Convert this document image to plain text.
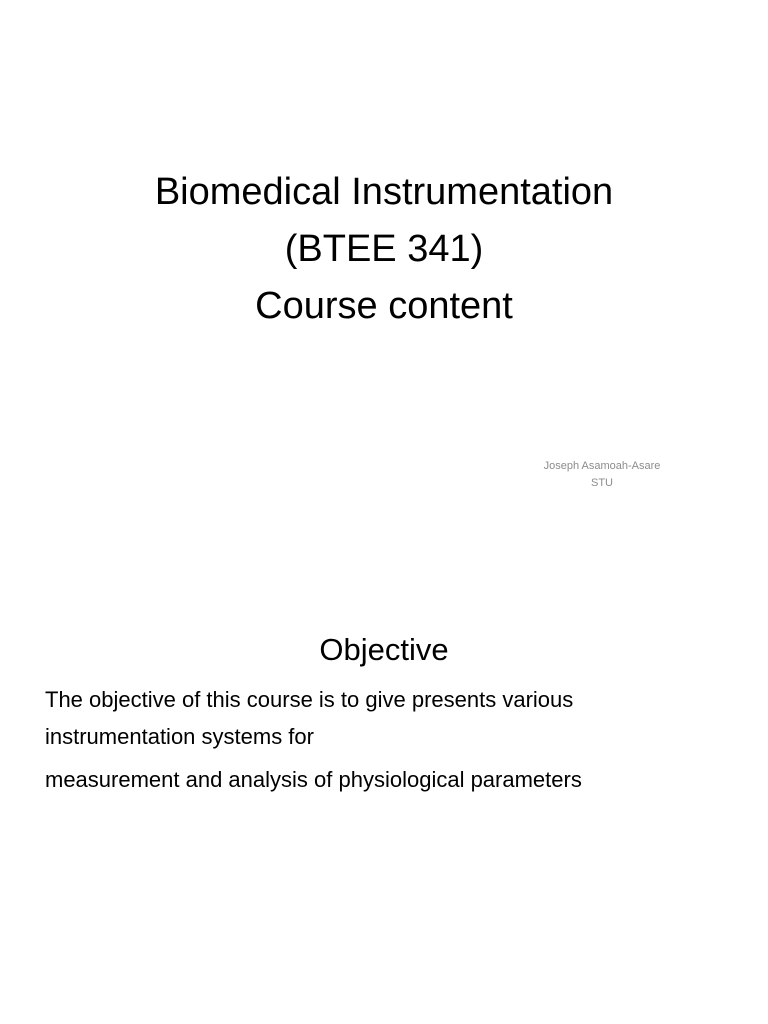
Biomedical Instrumentation
(BTEE 341)
Course content
Joseph Asamoah-Asare
STU
Objective
The objective of this course is to give presents various
instrumentation systems for
measurement and analysis of physiological parameters
